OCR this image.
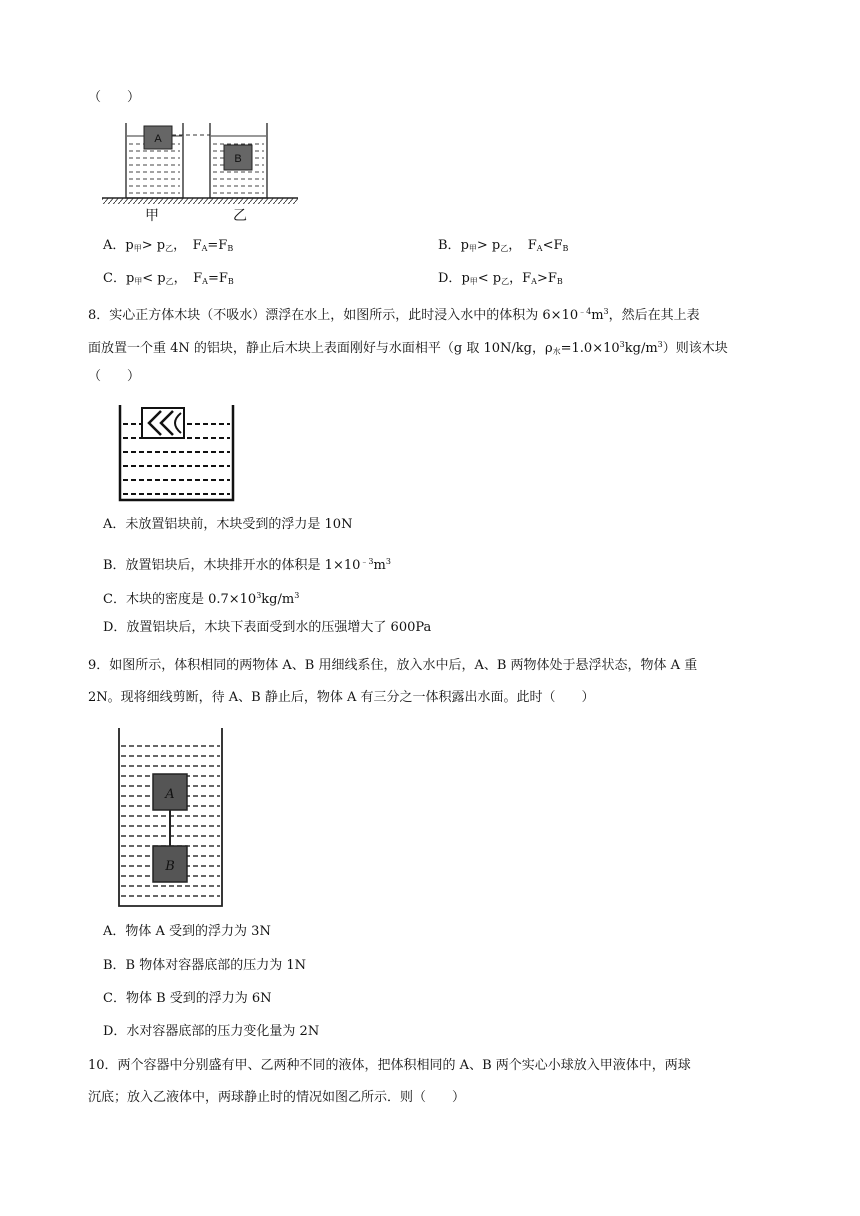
（　　）
A
B
甲	乙
A．$p_甲> p_乙$，　$F_A=F_B$	B．$p_甲> p_乙$，　$F_A<F_B$
C．$p_甲< p_乙$，　$F_A=F_B$	D．$p_甲< p_乙$，$F_A>F_B$
8．实心正方体木块（不吸水）漂浮在水上，如图所示，此时浸入水中的体积为 $6\times 10^{﹣4}m^3$，然后在其上表
面放置一个重 4N 的铝块，静止后木块上表面刚好与水面相平（g 取 10N/kg，$\rho_水=1.0\times 10^3kg/m^3$）则该木块
（　　）
A．未放置铝块前，木块受到的浮力是 10N
B．放置铝块后，木块排开水的体积是 $1\times 10^{﹣3}m^3$
C．木块的密度是 $0.7\times 10^3kg/m^3$
D．放置铝块后，木块下表面受到水的压强增大了 600Pa
9．如图所示，体积相同的两物体 A、B 用细线系住，放入水中后，A、B 两物体处于悬浮状态，物体 A 重
2N。现将细线剪断，待 A、B 静止后，物体 A 有三分之一体积露出水面。此时（　　）
A
B
A．物体 A 受到的浮力为 3N
B．B 物体对容器底部的压力为 1N
C．物体 B 受到的浮力为 6N
D．水对容器底部的压力变化量为 2N
10．两个容器中分别盛有甲、乙两种不同的液体，把体积相同的 A、B 两个实心小球放入甲液体中，两球
沉底；放入乙液体中，两球静止时的情况如图乙所示．则（　　）
